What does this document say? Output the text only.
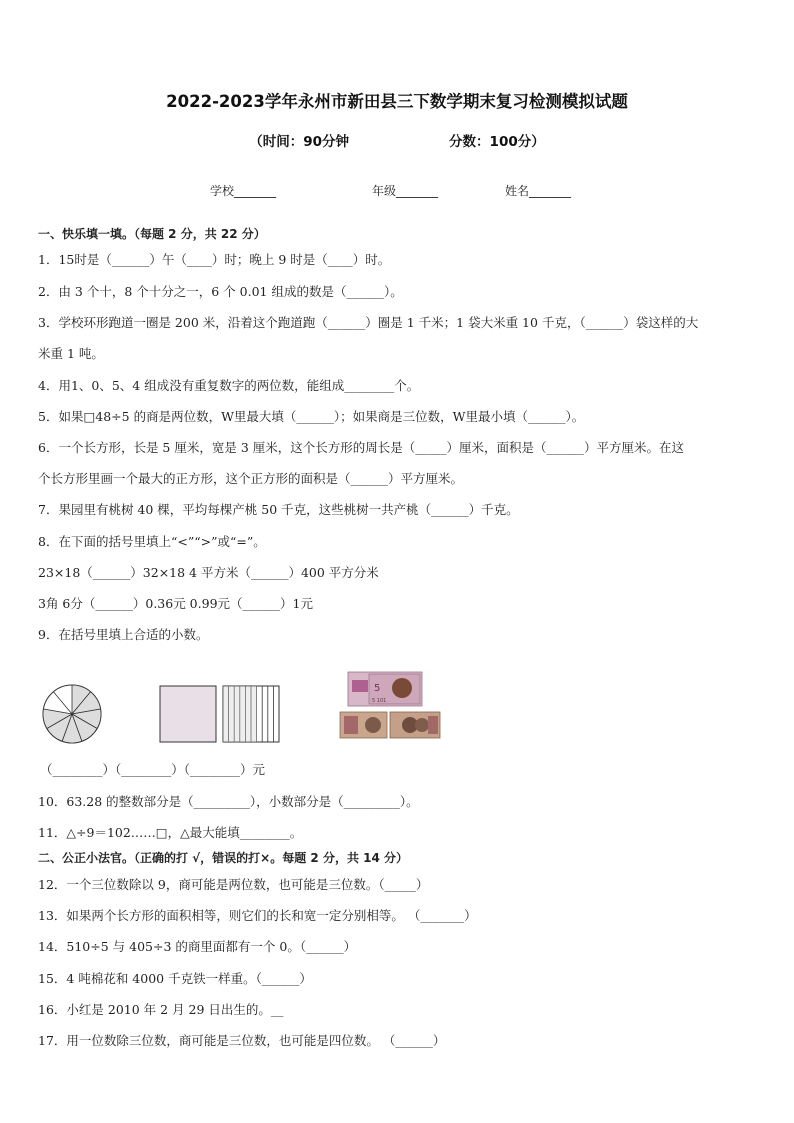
2022-2023学年永州市新田县三下数学期末复习检测模拟试题
（时间：90分钟	分数：100分）
学校_______	年级_______	姓名_______
一、快乐填一填。（每题 2 分，共 22 分）
1．15时是（______）午（____）时；晚上 9 时是（____）时。
2．由 3 个十，8 个十分之一，6 个 0.01 组成的数是（______）。
3．学校环形跑道一圈是 200 米，沿着这个跑道跑（______）圈是 1 千米；1 袋大米重 10 千克，（______）袋这样的大
米重 1 吨。
4．用1、0、5、4 组成没有重复数字的两位数，能组成________个。
5．如果□48÷5 的商是两位数，W里最大填（______）；如果商是三位数，W里最小填（______）。
6．一个长方形，长是 5 厘米，宽是 3 厘米，这个长方形的周长是（_____）厘米，面积是（______）平方厘米。在这
个长方形里画一个最大的正方形，这个正方形的面积是（______）平方厘米。
7．果园里有桃树 40 棵，平均每棵产桃 50 千克，这些桃树一共产桃（______）千克。
8．在下面的括号里填上“<”“>”或“=”。
23×18（______）32×18 4 平方米（______）400 平方分米
3角 6分（______）0.36元 0.99元（______）1元
9．在括号里填上合适的小数。
5
5 101
（________）（________）（________）元
10．63.28 的整数部分是（_________），小数部分是（_________）。
11．△÷9＝102……□，△最大能填________。
二、公正小法官。（正确的打 √，错误的打×。每题 2 分，共 14 分）
12．一个三位数除以 9，商可能是两位数，也可能是三位数。（_____）
13．如果两个长方形的面积相等，则它们的长和宽一定分别相等。 （_______）
14．510÷5 与 405÷3 的商里面都有一个 0。（______）
15．4 吨棉花和 4000 千克铁一样重。（______）
16．小红是 2010 年 2 月 29 日出生的。__
17．用一位数除三位数，商可能是三位数，也可能是四位数。 （______）
